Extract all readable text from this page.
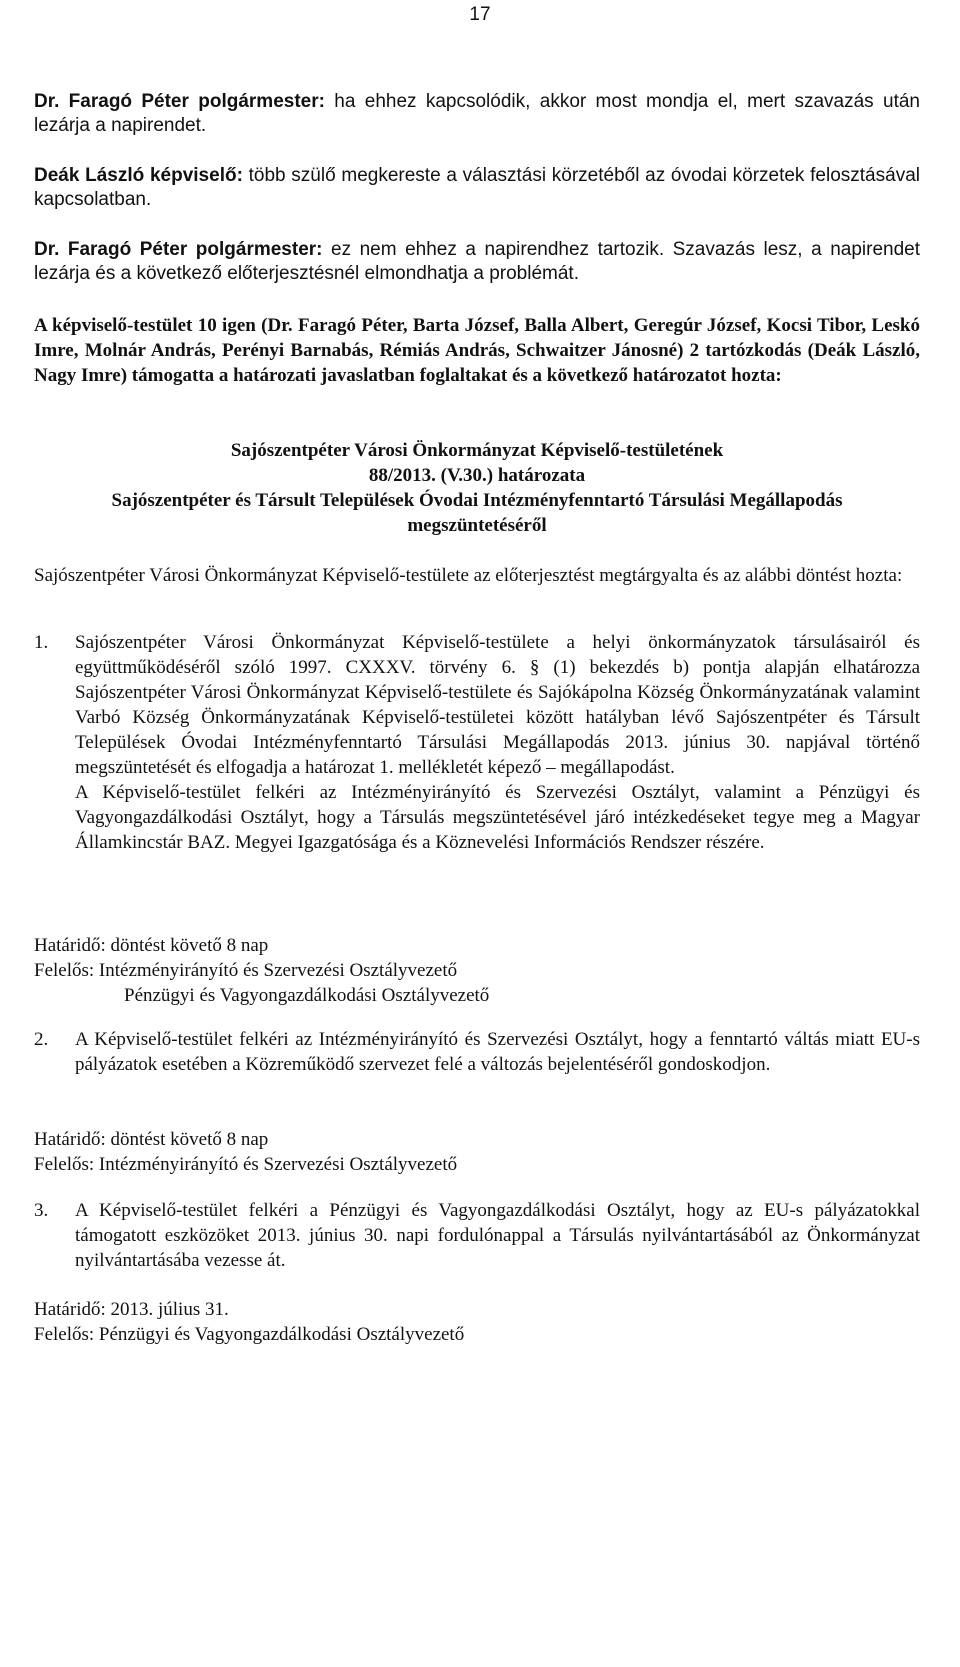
17
Dr. Faragó Péter polgármester: ha ehhez kapcsolódik, akkor most mondja el, mert szavazás után lezárja a napirendet.
Deák László képviselő: több szülő megkereste a választási körzetéből az óvodai körzetek felosztásával kapcsolatban.
Dr. Faragó Péter polgármester: ez nem ehhez a napirendhez tartozik. Szavazás lesz, a napirendet lezárja és a következő előterjesztésnél elmondhatja a problémát.
A képviselő-testület 10 igen (Dr. Faragó Péter, Barta József, Balla Albert, Geregúr József, Kocsi Tibor, Leskó Imre, Molnár András, Perényi Barnabás, Rémiás András, Schwaitzer Jánosné) 2 tartózkodás (Deák László, Nagy Imre) támogatta a határozati javaslatban foglaltakat és a következő határozatot hozta:
Sajószentpéter Városi Önkormányzat Képviselő-testületének
88/2013. (V.30.) határozata
Sajószentpéter és Társult Települések Óvodai Intézményfenntartó Társulási Megállapodás
megszüntetéséről
Sajószentpéter Városi Önkormányzat Képviselő-testülete az előterjesztést megtárgyalta és az alábbi döntést hozta:
1.	Sajószentpéter Városi Önkormányzat Képviselő-testülete a helyi önkormányzatok társulásairól és együttműködéséről szóló 1997. CXXXV. törvény 6. § (1) bekezdés b) pontja alapján elhatározza Sajószentpéter Városi Önkormányzat Képviselő-testülete és Sajókápolna Község Önkormányzatának valamint Varbó Község Önkormányzatának Képviselő-testületei között hatályban lévő Sajószentpéter és Társult Települések Óvodai Intézményfenntartó Társulási Megállapodás 2013. június 30. napjával történő megszüntetését és elfogadja a határozat 1. mellékletét képező – megállapodást.

A Képviselő-testület felkéri az Intézményirányító és Szervezési Osztályt, valamint a Pénzügyi és Vagyongazdálkodási Osztályt, hogy a Társulás megszüntetésével járó intézkedéseket tegye meg a Magyar Államkincstár BAZ. Megyei Igazgatósága és a Köznevelési Információs Rendszer részére.

Határidő: döntést követő 8 nap
Felelős: Intézményirányító és Szervezési Osztályvezető
Pénzügyi és Vagyongazdálkodási Osztályvezető
2.	A Képviselő-testület felkéri az Intézményirányító és Szervezési Osztályt, hogy a fenntartó váltás miatt EU-s pályázatok esetében a Közreműködő szervezet felé a változás bejelentéséről gondoskodjon.

Határidő: döntést követő 8 nap
Felelős: Intézményirányító és Szervezési Osztályvezető
3.	A Képviselő-testület felkéri a Pénzügyi és Vagyongazdálkodási Osztályt, hogy az EU-s pályázatokkal támogatott eszközöket 2013. június 30. napi fordulónappal a Társulás nyilvántartásából az Önkormányzat nyilvántartásába vezesse át.

Határidő: 2013. július 31.
Felelős: Pénzügyi és Vagyongazdálkodási Osztályvezető
